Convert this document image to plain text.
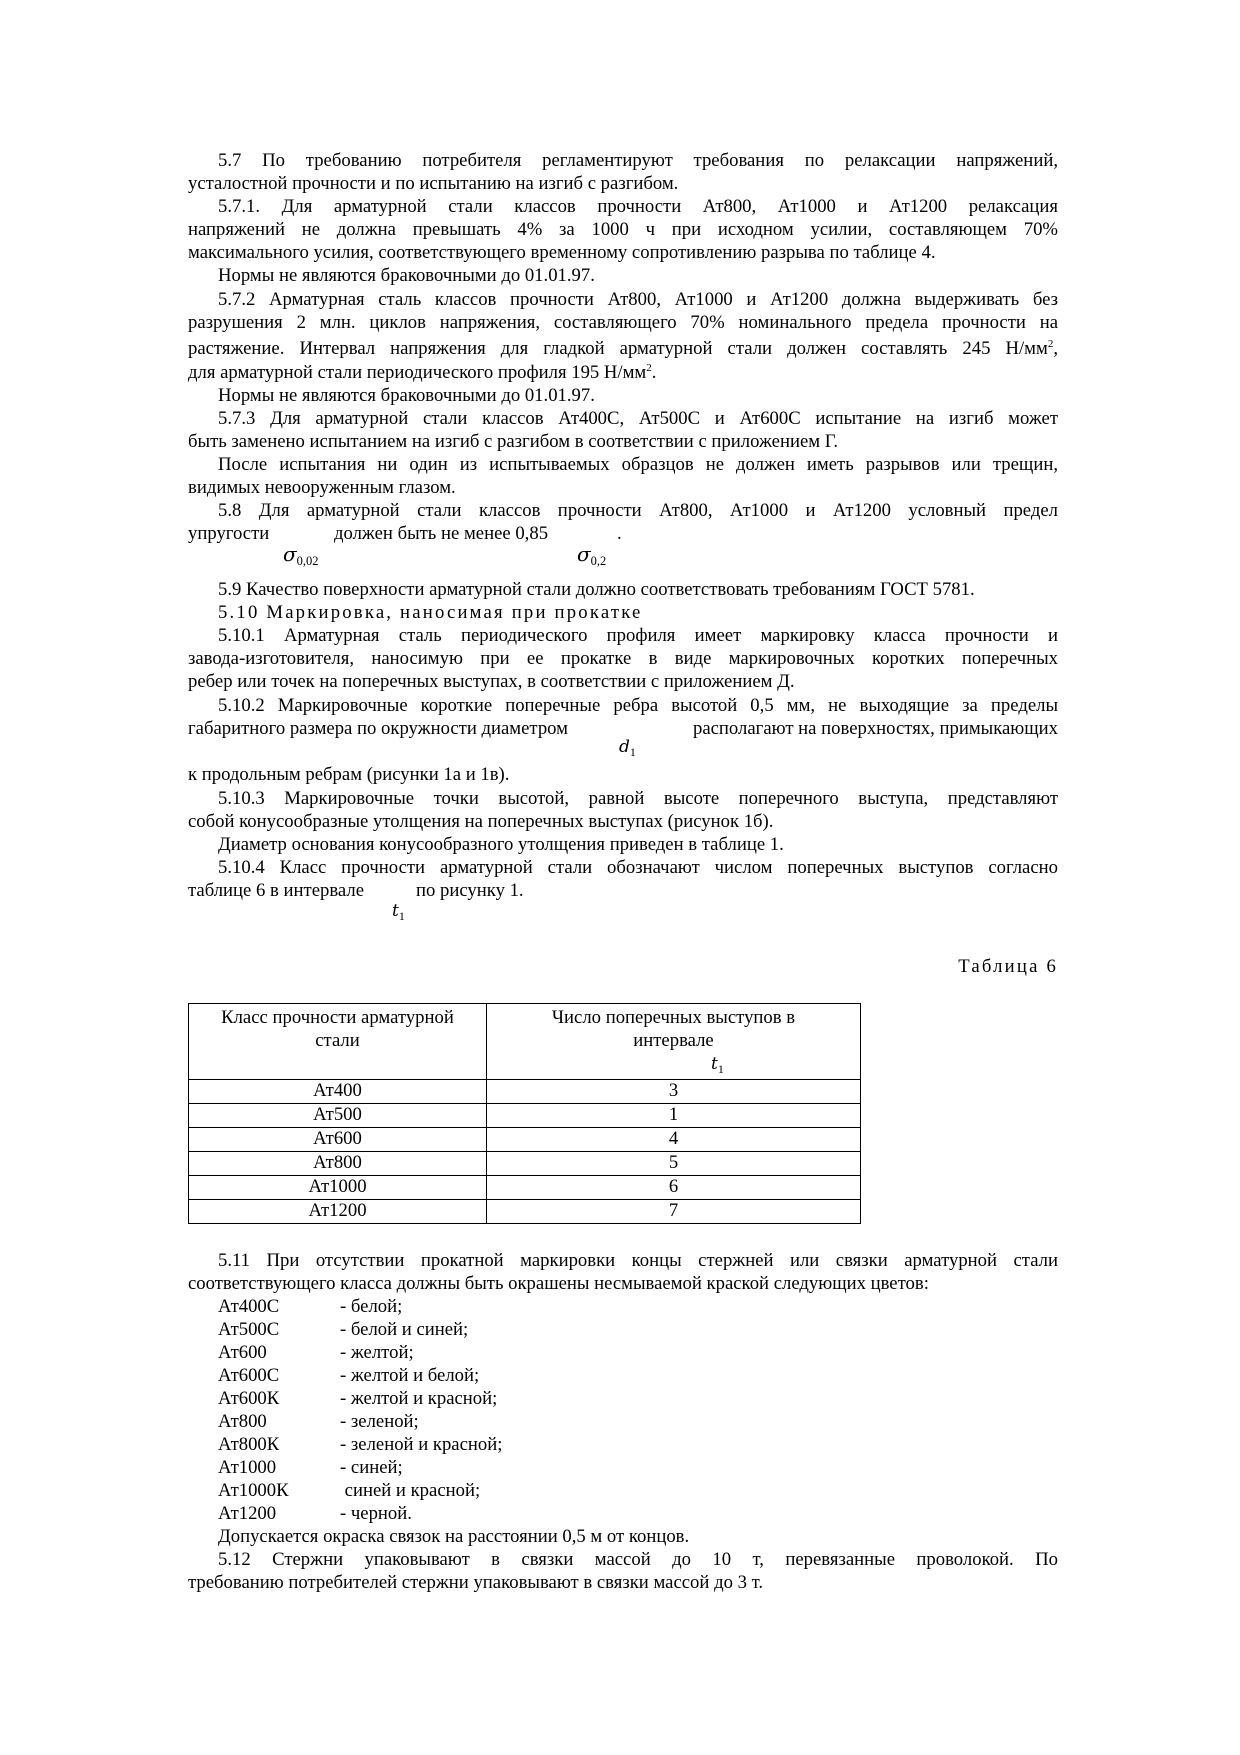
5.7 По требованию потребителя регламентируют требования по релаксации напряжений,

усталостной прочности и по испытанию на изгиб с разгибом.

5.7.1. Для арматурной стали классов прочности Ат800, Ат1000 и Ат1200 релаксация

напряжений не должна превышать 4% за 1000 ч при исходном усилии, составляющем 70%

максимального усилия, соответствующего временному сопротивлению разрыва по таблице 4.

Нормы не являются браковочными до 01.01.97.

5.7.2 Арматурная сталь классов прочности Ат800, Ат1000 и Ат1200 должна выдерживать без

разрушения 2 млн. циклов напряжения, составляющего 70% номинального предела прочности на

растяжение. Интервал напряжения для гладкой арматурной стали должен составлять 245 $Н/мм^2$,

для арматурной стали периодического профиля 195 $Н/мм^2$.

Нормы не являются браковочными до 01.01.97.

5.7.3 Для арматурной стали классов Ат400С, Ат500С и Ат600С испытание на изгиб может

быть заменено испытанием на изгиб с разгибом в соответствии с приложением Г.

После испытания ни один из испытываемых образцов не должен иметь разрывов или трещин,

видимых невооруженным глазом.

5.8 Для арматурной стали классов прочности Ат800, Ат1000 и Ат1200 условный предел

упругости	должен быть не менее 0,85	.
$\sigma_{0,02}$	$\sigma_{0,2}$

5.9 Качество поверхности арматурной стали должно соответствовать требованиям ГОСТ 5781.

5.10 Маркировка, наносимая при прокатке

5.10.1 Арматурная сталь периодического профиля имеет маркировку класса прочности и

завода-изготовителя, наносимую при ее прокатке в виде маркировочных коротких поперечных

ребер или точек на поперечных выступах, в соответствии с приложением Д.

5.10.2 Маркировочные короткие поперечные ребра высотой 0,5 мм, не выходящие за пределы

габаритного размера по окружности диаметром	располагают на поверхностях, примыкающих
$d_1$

к продольным ребрам (рисунки 1а и 1в).

5.10.3 Маркировочные точки высотой, равной высоте поперечного выступа, представляют

собой конусообразные утолщения на поперечных выступах (рисунок 1б).

Диаметр основания конусообразного утолщения приведен в таблице 1.

5.10.4 Класс прочности арматурной стали обозначают числом поперечных выступов согласно

таблице 6 в интервале	по рисунку 1.
$t_1$
Таблица 6
Класс прочности арматурной стали	Число поперечных выступов в интервале
$t_1$

Ат400	3
Ат500	1
Ат600	4
Ат800	5
Ат1000	6
Ат1200	7

5.11 При отсутствии прокатной маркировки концы стержней или связки арматурной стали

соответствующего класса должны быть окрашены несмываемой краской следующих цветов:

Ат400С	- белой;
Ат500С	- белой и синей;
Ат600	- желтой;
Ат600С	- желтой и белой;
Ат600К	- желтой и красной;
Ат800	- зеленой;
Ат800К	- зеленой и красной;
Ат1000	- синей;
Ат1000К	синей и красной;
Ат1200	- черной.

Допускается окраска связок на расстоянии 0,5 м от концов.

5.12 Стержни упаковывают в связки массой до 10 т, перевязанные проволокой. По

требованию потребителей стержни упаковывают в связки массой до 3 т.
